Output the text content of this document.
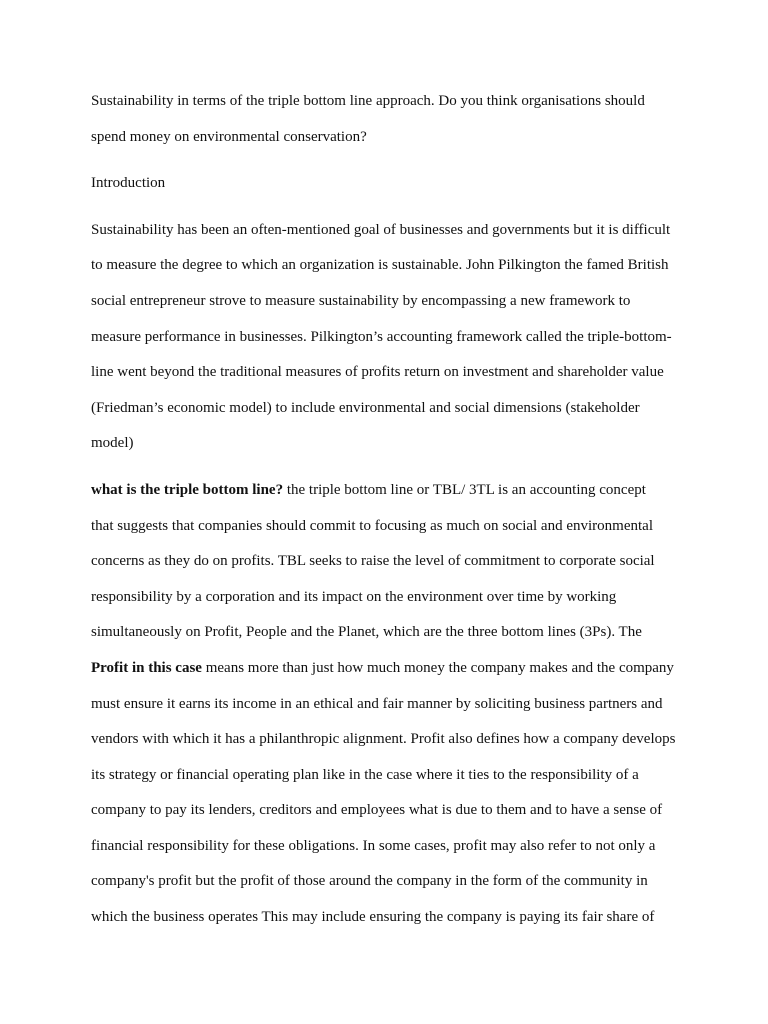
Sustainability in terms of the triple bottom line approach. Do you think organisations should
spend money on environmental conservation?

Introduction

Sustainability has been an often-mentioned goal of businesses and governments but it is difficult
to measure the degree to which an organization is sustainable. John Pilkington the famed British
social entrepreneur strove to measure sustainability by encompassing a new framework to
measure performance in businesses. Pilkington’s accounting framework called the triple-bottom-
line went beyond the traditional measures of profits return on investment and shareholder value
(Friedman’s economic model) to include environmental and social dimensions (stakeholder
model)

what is the triple bottom line? the triple bottom line or TBL/ 3TL is an accounting concept
that suggests that companies should commit to focusing as much on social and environmental
concerns as they do on profits. TBL seeks to raise the level of commitment to corporate social
responsibility by a corporation and its impact on the environment over time by working
simultaneously on Profit, People and the Planet, which are the three bottom lines (3Ps). The
Profit in this case means more than just how much money the company makes and the company
must ensure it earns its income in an ethical and fair manner by soliciting business partners and
vendors with which it has a philanthropic alignment. Profit also defines how a company develops
its strategy or financial operating plan like in the case where it ties to the responsibility of a
company to pay its lenders, creditors and employees what is due to them and to have a sense of
financial responsibility for these obligations. In some cases, profit may also refer to not only a
company's profit but the profit of those around the company in the form of the community in
which the business operates This may include ensuring the company is paying its fair share of
